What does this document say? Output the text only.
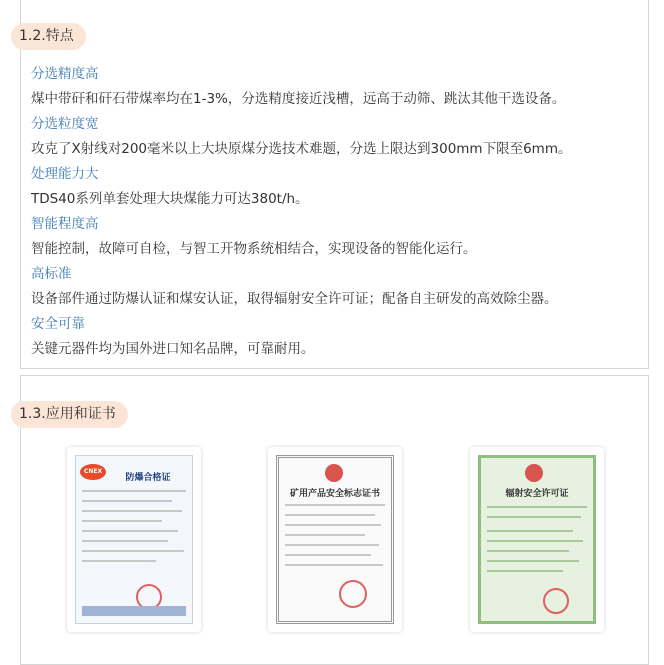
1.2.特点
分选精度高
煤中带矸和矸石带煤率均在1-3%，分选精度接近浅槽，远高于动筛、跳汰其他干选设备。
分选粒度宽
攻克了X射线对200毫米以上大块原煤分选技术难题，分选上限达到300mm下限至6mm。
处理能力大
TDS40系列单套处理大块煤能力可达380t/h。
智能程度高
智能控制，故障可自检，与智工开物系统相结合，实现设备的智能化运行。
高标准
设备部件通过防爆认证和煤安认证，取得辐射安全许可证；配备自主研发的高效除尘器。
安全可靠
关键元器件均为国外进口知名品牌，可靠耐用。
1.3.应用和证书
CNEX
防爆合格证
矿用产品安全标志证书	辐射安全许可证
